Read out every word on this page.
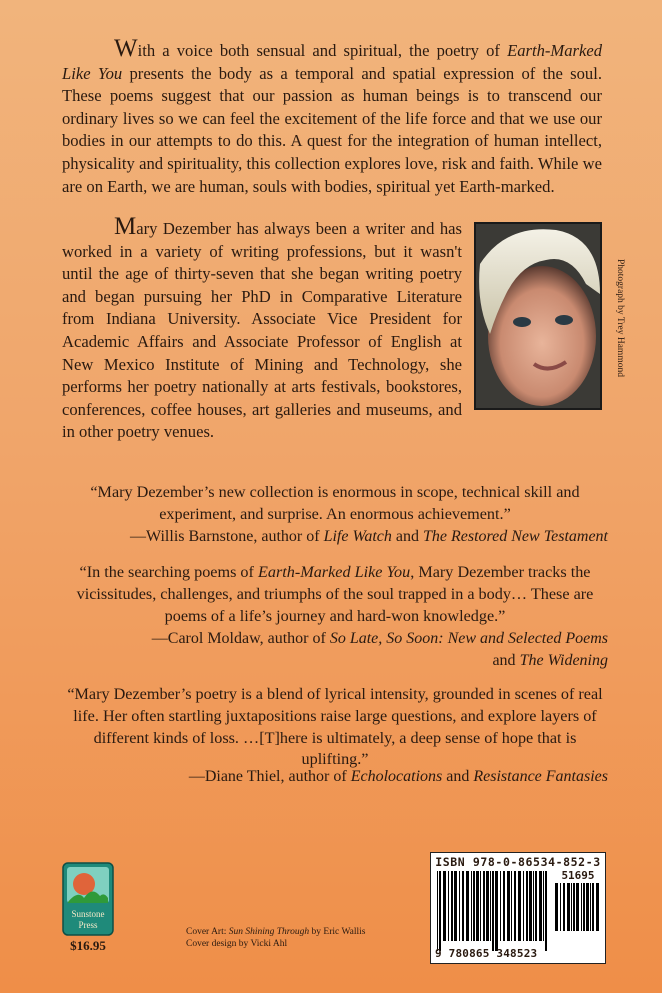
With a voice both sensual and spiritual, the poetry of Earth-Marked Like You presents the body as a temporal and spatial expression of the soul. These poems suggest that our passion as human beings is to transcend our ordinary lives so we can feel the excitement of the life force and that we use our bodies in our attempts to do this. A quest for the integration of human intellect, physicality and spirituality, this collection explores love, risk and faith. While we are on Earth, we are human, souls with bodies, spiritual yet Earth-marked.

Mary Dezember has always been a writer and has worked in a variety of writing professions, but it wasn't until the age of thirty-seven that she began writing poetry and began pursuing her PhD in Comparative Literature from Indiana University. Associate Vice President for Academic Affairs and Associate Professor of English at New Mexico Institute of Mining and Technology, she performs her poetry nationally at arts festivals, bookstores, conferences, coffee houses, art galleries and museums, and in other poetry venues.

Photograph by Trey Hammond
“Mary Dezember’s new collection is enormous in scope, technical skill and experiment, and surprise. An enormous achievement.”
—Willis Barnstone, author of Life Watch and The Restored New Testament
“In the searching poems of Earth-Marked Like You, Mary Dezember tracks the vicissitudes, challenges, and triumphs of the soul trapped in a body… These are poems of a life’s journey and hard-won knowledge.”
—Carol Moldaw, author of So Late, So Soon: New and Selected Poems
and The Widening
“Mary Dezember’s poetry is a blend of lyrical intensity, grounded in scenes of real life. Her often startling juxtapositions raise large questions, and explore layers of different kinds of loss. …[T]here is ultimately, a deep sense of hope that is uplifting.”
—Diane Thiel, author of Echolocations and Resistance Fantasies
Sunstone
Press
$16.95
Cover Art: Sun Shining Through by Eric Wallis
Cover design by Vicki Ahl
ISBN 978-0-86534-852-3
51695
9 780865 348523
